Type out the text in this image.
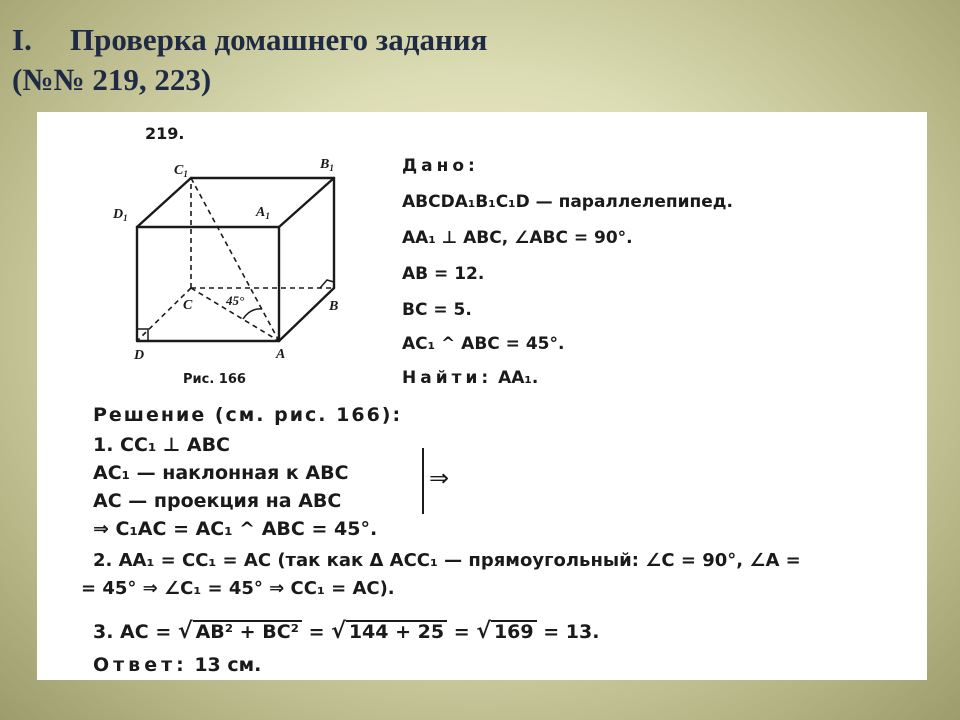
I. Проверка домашнего задания
(№№ 219, 223)
219.
$C_1$
$B_1$
$D_1$	$A_1$
C	B
D	A
45°
Рис. 166
Дано:
ABCDA₁B₁C₁D — параллелепипед.
AA₁ ⊥ ABC, ∠ABC = 90°.
AB = 12.
BC = 5.
AC₁ ^ ABC = 45°.
Найти: AA₁.
Решение (см. рис. 166):
1. CC₁ ⊥ ABC
AC₁ — наклонная к ABC
AC — проекция на ABC
⇒
⇒ C₁AC = AC₁ ^ ABC = 45°.
2. AA₁ = CC₁ = AC (так как Δ ACC₁ — прямоугольный: ∠C = 90°, ∠A =
= 45° ⇒ ∠C₁ = 45° ⇒ CC₁ = AC).
3. AC = √ AB² + BC² = √ 144 + 25 = √ 169 = 13.
Ответ: 13 см.
